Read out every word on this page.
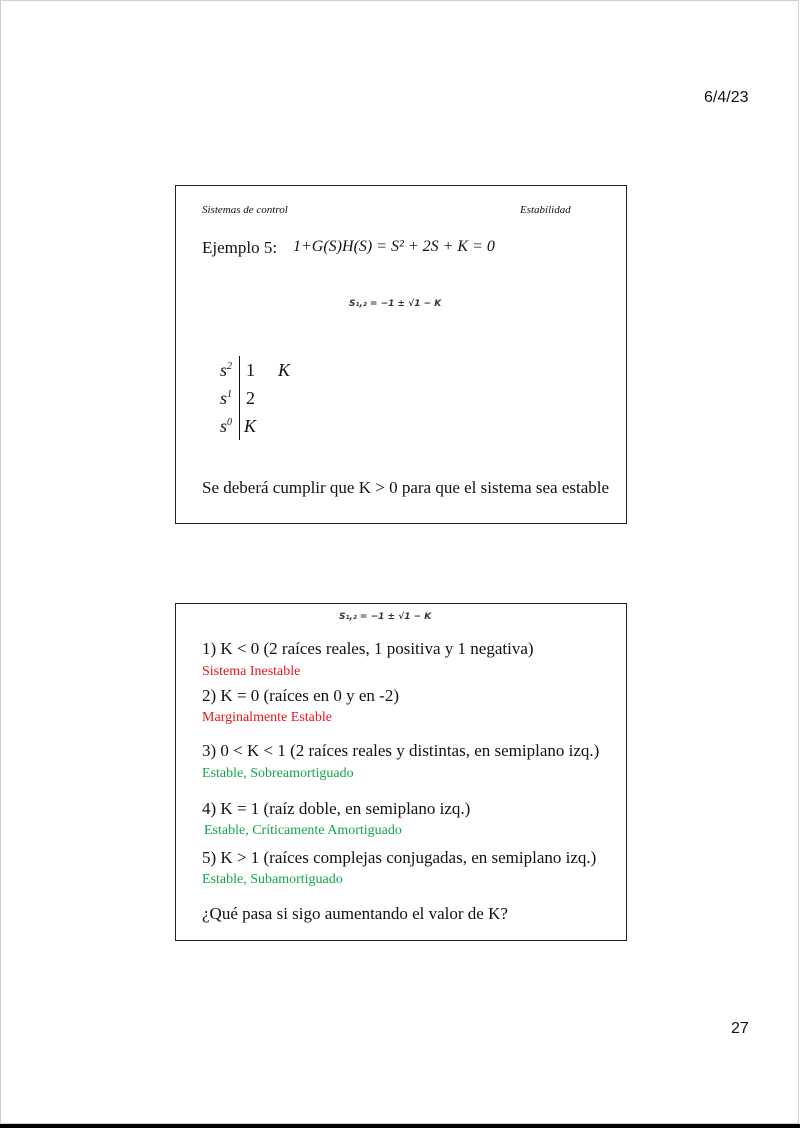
6/4/23
Sistemas de control	Estabilidad
Ejemplo 5: 1+G(S)H(S) = S² + 2S + K = 0
S₁,₂ = −1 ± √1 − K
$s^2$ 1 K
$s^1$ 2
$s^0$ K
Se deberá cumplir que K > 0 para que el sistema sea estable
S₁,₂ = −1 ± √1 − K
1) K < 0 (2 raíces reales, 1 positiva y 1 negativa)
Sistema Inestable
2) K = 0 (raíces en 0 y en -2)
Marginalmente Estable
3) 0 < K < 1 (2 raíces reales y distintas, en semiplano izq.)
Estable, Sobreamortiguado
4) K = 1 (raíz doble, en semiplano izq.)
Estable, Críticamente Amortiguado
5) K > 1 (raíces complejas conjugadas, en semiplano izq.)
Estable, Subamortiguado
¿Qué pasa si sigo aumentando el valor de K?
27
